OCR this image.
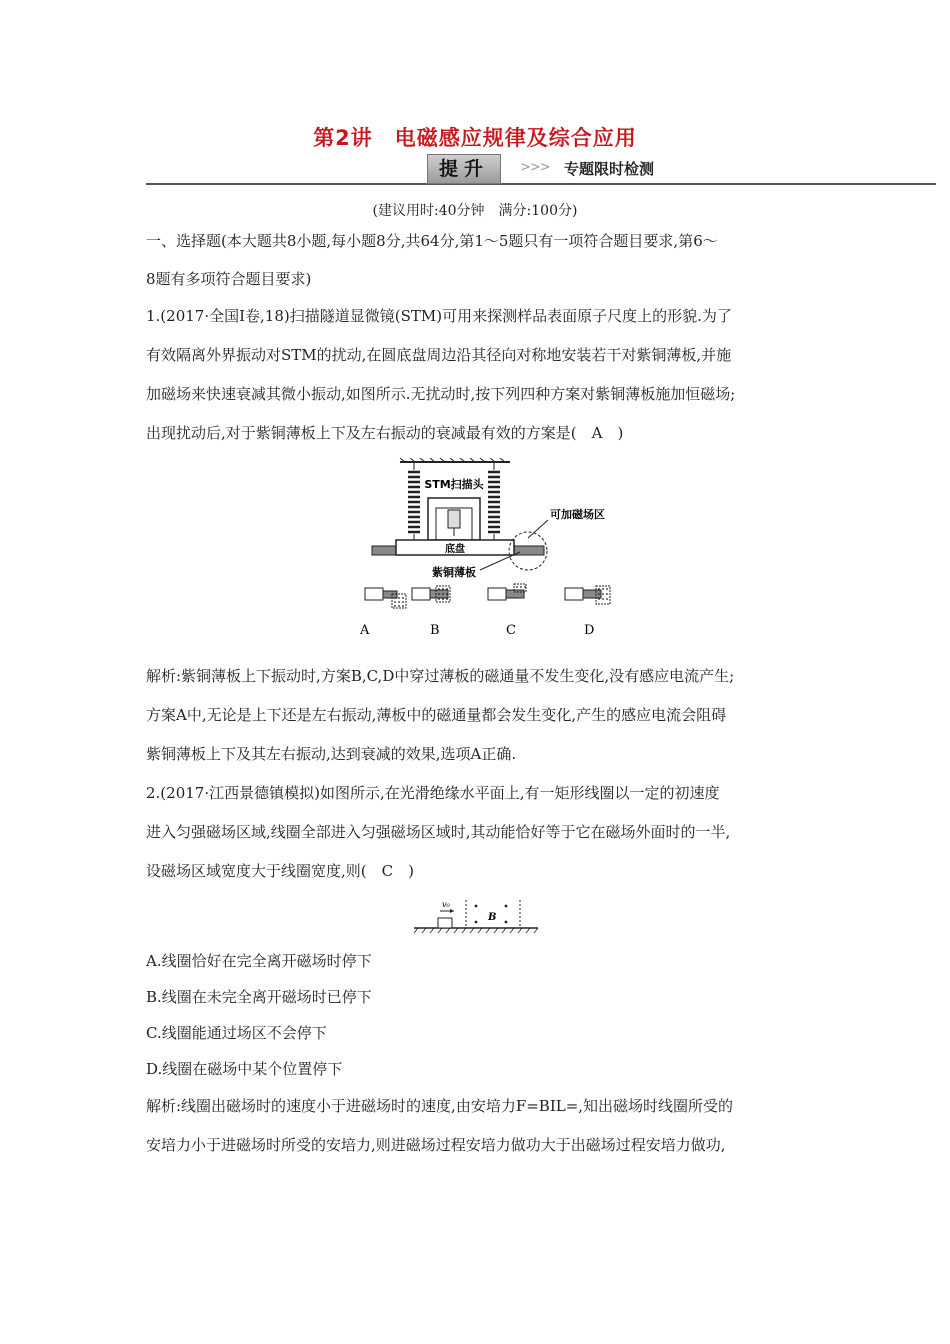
第2讲　电磁感应规律及综合应用
提升	>>> 专题限时检测
(建议用时:40分钟　满分:100分)
一、选择题(本大题共8小题,每小题8分,共64分,第1～5题只有一项符合题目要求,第6～
8题有多项符合题目要求)
1.(2017·全国Ⅰ卷,18)扫描隧道显微镜(STM)可用来探测样品表面原子尺度上的形貌.为了
有效隔离外界振动对STM的扰动,在圆底盘周边沿其径向对称地安装若干对紫铜薄板,并施
加磁场来快速衰减其微小振动,如图所示.无扰动时,按下列四种方案对紫铜薄板施加恒磁场;
出现扰动后,对于紫铜薄板上下及左右振动的衰减最有效的方案是(　A　)
STM扫描头
底盘
可加磁场区
紫铜薄板
A	B	C	D
解析:紫铜薄板上下振动时,方案B,C,D中穿过薄板的磁通量不发生变化,没有感应电流产生;
方案A中,无论是上下还是左右振动,薄板中的磁通量都会发生变化,产生的感应电流会阻碍
紫铜薄板上下及其左右振动,达到衰减的效果,选项A正确.
2.(2017·江西景德镇模拟)如图所示,在光滑绝缘水平面上,有一矩形线圈以一定的初速度
进入匀强磁场区域,线圈全部进入匀强磁场区域时,其动能恰好等于它在磁场外面时的一半,
设磁场区域宽度大于线圈宽度,则(　C　)
v₀
B
A.线圈恰好在完全离开磁场时停下
B.线圈在未完全离开磁场时已停下
C.线圈能通过场区不会停下
D.线圈在磁场中某个位置停下
解析:线圈出磁场时的速度小于进磁场时的速度,由安培力F=BIL=,知出磁场时线圈所受的
安培力小于进磁场时所受的安培力,则进磁场过程安培力做功大于出磁场过程安培力做功,
